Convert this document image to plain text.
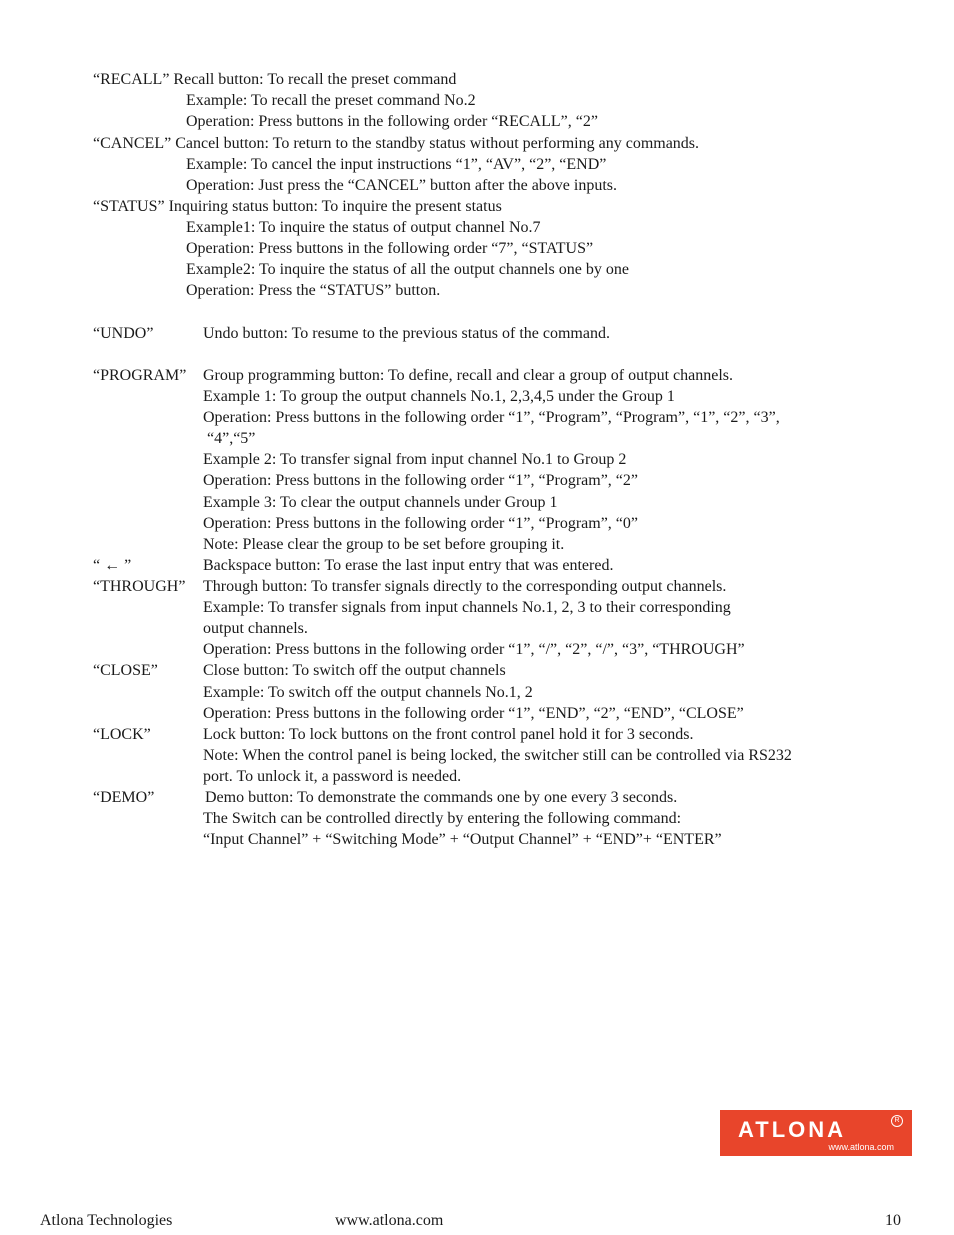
“RECALL” Recall button: To recall the preset command
Example: To recall the preset command No.2
Operation: Press buttons in the following order “RECALL”, “2”
“CANCEL” Cancel button: To return to the standby status without performing any commands.
Example: To cancel the input instructions “1”, “AV”, “2”, “END”
Operation: Just press the “CANCEL” button after the above inputs.
“STATUS” Inquiring status button: To inquire the present status
Example1: To inquire the status of output channel No.7
Operation: Press buttons in the following order “7”, “STATUS”
Example2: To inquire the status of all the output channels one by one
Operation: Press the “STATUS” button.
“UNDO”	Undo button: To resume to the previous status of the command.
“PROGRAM” Group programming button: To define, recall and clear a group of output channels.
Example 1: To group the output channels No.1, 2,3,4,5 under the Group 1
Operation: Press buttons in the following order “1”, “Program”, “Program”, “1”, “2”, “3”,
“4”,“5”
Example 2: To transfer signal from input channel No.1 to Group 2
Operation: Press buttons in the following order “1”, “Program”, “2”
Example 3: To clear the output channels under Group 1
Operation: Press buttons in the following order “1”, “Program”, “0”
Note: Please clear the group to be set before grouping it.
“ ← ”	Backspace button: To erase the last input entry that was entered.
“THROUGH” Through button: To transfer signals directly to the corresponding output channels.
Example: To transfer signals from input channels No.1, 2, 3 to their corresponding
output channels.
Operation: Press buttons in the following order “1”, “/”, “2”, “/”, “3”, “THROUGH”
“CLOSE”	Close button: To switch off the output channels
Example: To switch off the output channels No.1, 2
Operation: Press buttons in the following order “1”, “END”, “2”, “END”, “CLOSE”
“LOCK”	Lock button: To lock buttons on the front control panel hold it for 3 seconds.
Note: When the control panel is being locked, the switcher still can be controlled via RS232
port. To unlock it, a password is needed.
“DEMO”	Demo button: To demonstrate the commands one by one every 3 seconds.
The Switch can be controlled directly by entering the following command:
“Input Channel” + “Switching Mode” + “Output Channel” + “END”+ “ENTER”
ATLONA	R
www.atlona.com
Atlona Technologies	www.atlona.com	10
